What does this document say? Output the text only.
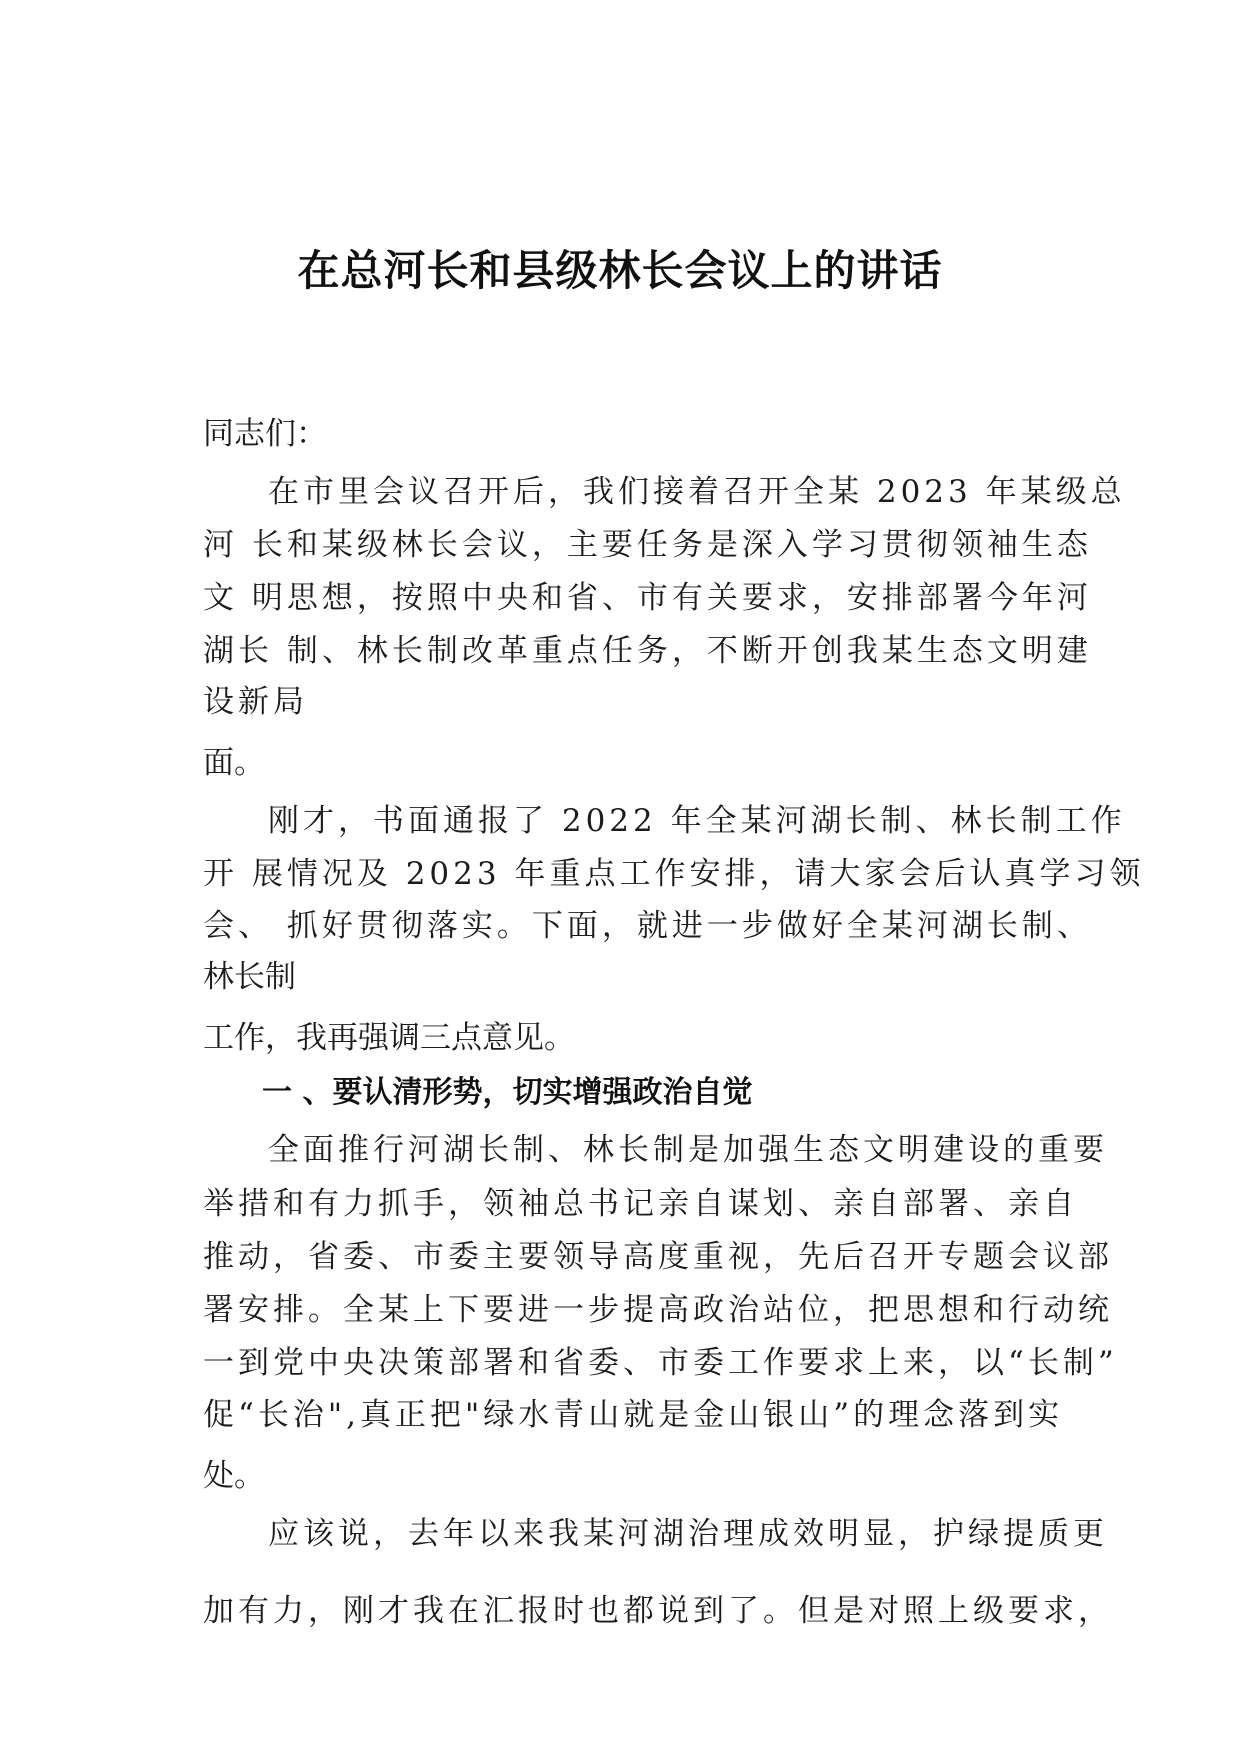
在总河长和县级林长会议上的讲话
同志们：
在市里会议召开后，我们接着召开全某 2023 年某级总
河 长和某级林长会议，主要任务是深入学习贯彻领袖生态
文 明思想，按照中央和省、市有关要求，安排部署今年河
湖长 制、林长制改革重点任务，不断开创我某生态文明建
设新局
面。
刚才，书面通报了 2022 年全某河湖长制、林长制工作
开 展情况及 2023 年重点工作安排，请大家会后认真学习领
会、 抓好贯彻落实。下面，就进一步做好全某河湖长制、
林长制
工作，我再强调三点意见。
一 、要认清形势，切实增强政治自觉
全面推行河湖长制、林长制是加强生态文明建设的重要
举措和有力抓手，领袖总书记亲自谋划、亲自部署、亲自
推动，省委、市委主要领导高度重视，先后召开专题会议部
署安排。全某上下要进一步提高政治站位，把思想和行动统
一到党中央决策部署和省委、市委工作要求上来，以“长制”
促“长治",真正把"绿水青山就是金山银山”的理念落到实
处。
应该说，去年以来我某河湖治理成效明显，护绿提质更
加有力，刚才我在汇报时也都说到了。但是对照上级要求，
